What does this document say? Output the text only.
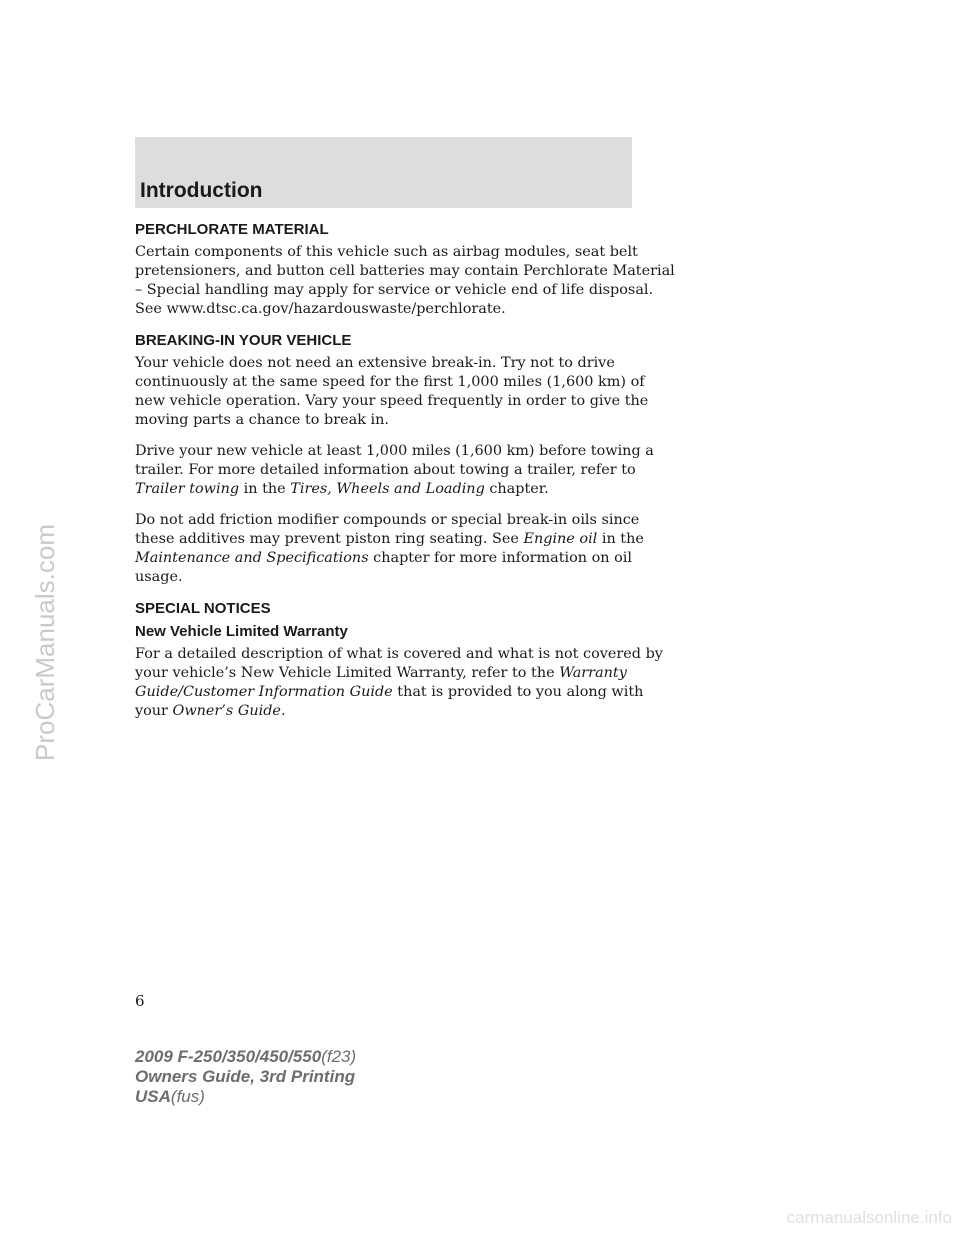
Introduction
PERCHLORATE MATERIAL

Certain components of this vehicle such as airbag modules, seat belt
pretensioners, and button cell batteries may contain Perchlorate Material
– Special handling may apply for service or vehicle end of life disposal.
See www.dtsc.ca.gov/hazardouswaste/perchlorate.

BREAKING-IN YOUR VEHICLE

Your vehicle does not need an extensive break-in. Try not to drive
continuously at the same speed for the first 1,000 miles (1,600 km) of
new vehicle operation. Vary your speed frequently in order to give the
moving parts a chance to break in.

Drive your new vehicle at least 1,000 miles (1,600 km) before towing a
trailer. For more detailed information about towing a trailer, refer to
Trailer towing in the Tires, Wheels and Loading chapter.

Do not add friction modifier compounds or special break-in oils since
these additives may prevent piston ring seating. See Engine oil in the
Maintenance and Specifications chapter for more information on oil
usage.

SPECIAL NOTICES
New Vehicle Limited Warranty

For a detailed description of what is covered and what is not covered by
your vehicle’s New Vehicle Limited Warranty, refer to the Warranty
Guide/Customer Information Guide that is provided to you along with
your Owner’s Guide.

6

2009 F-250/350/450/550(f23)
Owners Guide, 3rd Printing
USA(fus)
ProCarManuals.com
carmanualsonline.info
